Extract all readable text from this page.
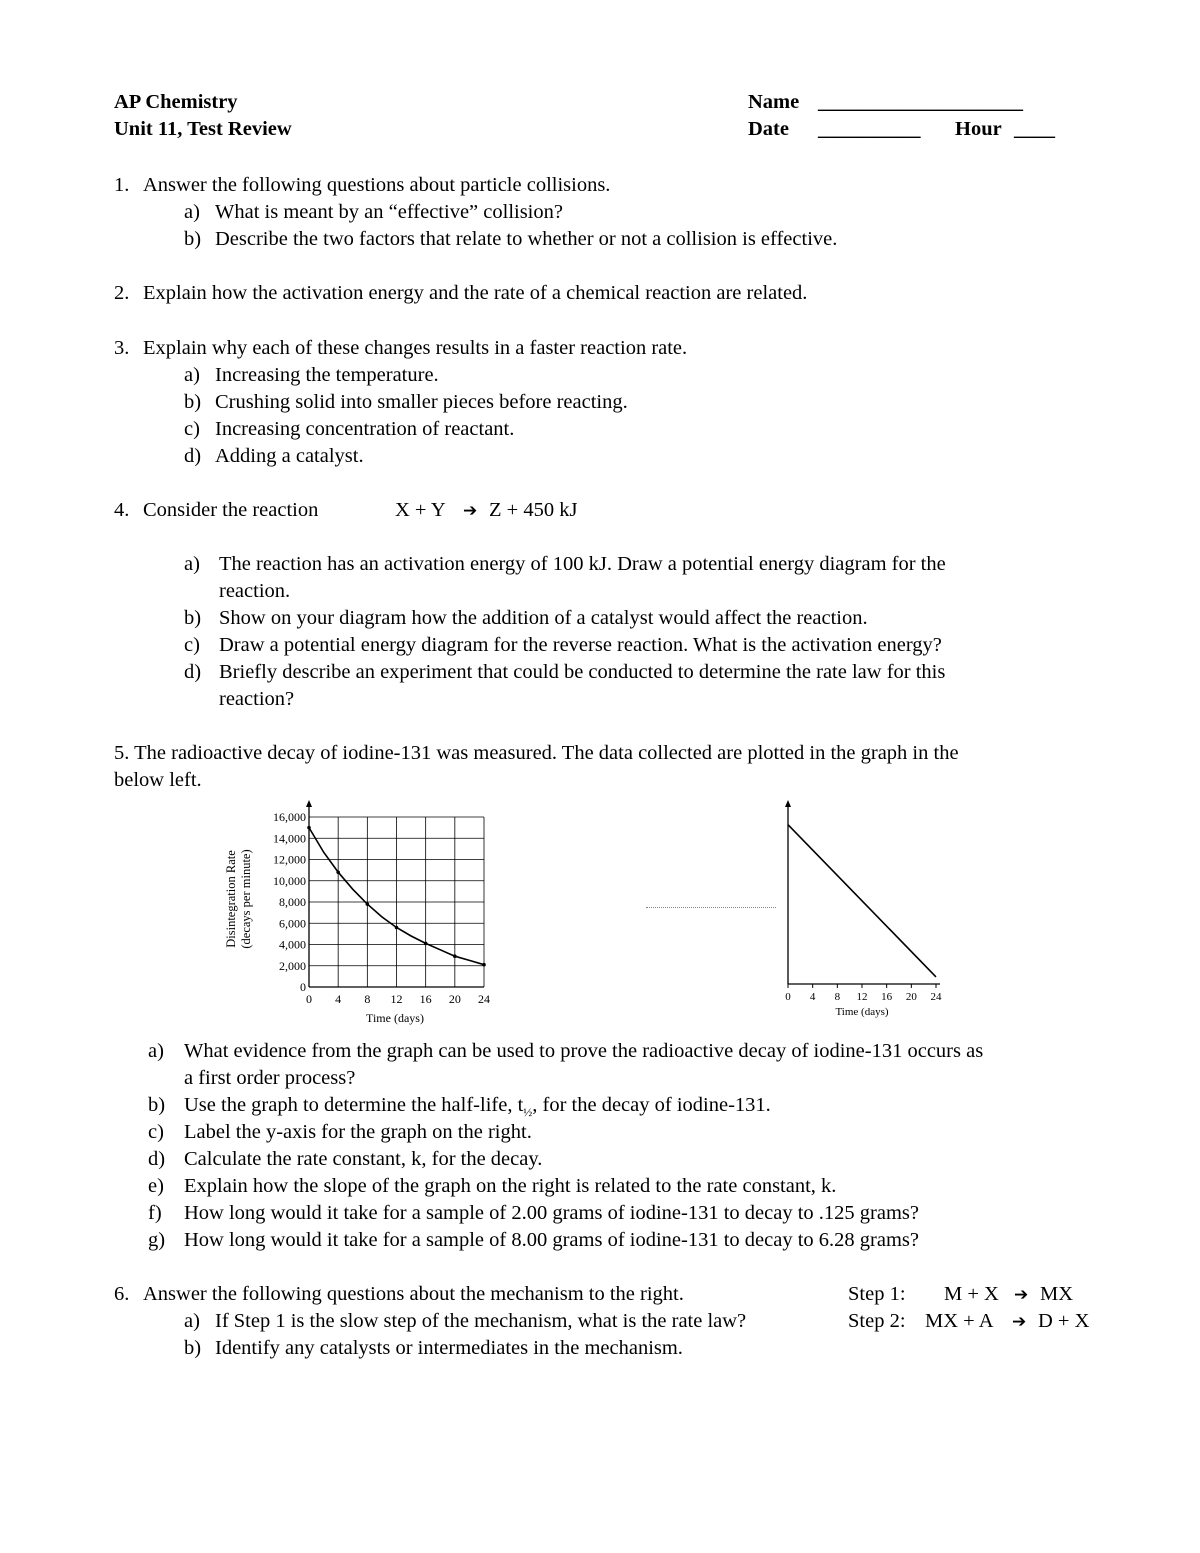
AP Chemistry
Unit 11, Test Review
Name ____________________
Date __________ Hour ____
1. Answer the following questions about particle collisions.
a) What is meant by an “effective” collision?
b) Describe the two factors that relate to whether or not a collision is effective.
2. Explain how the activation energy and the rate of a chemical reaction are related.
3. Explain why each of these changes results in a faster reaction rate.
a) Increasing the temperature.
b) Crushing solid into smaller pieces before reacting.
c) Increasing concentration of reactant.
d) Adding a catalyst.
4. Consider the reaction	X + Y ➔ Z + 450 kJ
a) The reaction has an activation energy of 100 kJ. Draw a potential energy diagram for the
reaction.
b) Show on your diagram how the addition of a catalyst would affect the reaction.
c) Draw a potential energy diagram for the reverse reaction. What is the activation energy?
d) Briefly describe an experiment that could be conducted to determine the rate law for this
reaction?
5. The radioactive decay of iodine-131 was measured. The data collected are plotted in the graph in the
below left.
0
2,000
4,000
6,000
8,000
10,000
12,000
14,000
16,000
0 4 8 12 16 20 24
Time (days)
Disintegration Rate (decays per minute)
0 4 8 12 16 20 24
Time (days)
a) What evidence from the graph can be used to prove the radioactive decay of iodine-131 occurs as
a first order process?
b) Use the graph to determine the half-life, $t_{\frac{1}{2}}$, for the decay of iodine-131.
c) Label the y-axis for the graph on the right.
d) Calculate the rate constant, k, for the decay.
e) Explain how the slope of the graph on the right is related to the rate constant, k.
f) How long would it take for a sample of 2.00 grams of iodine-131 to decay to .125 grams?
g) How long would it take for a sample of 8.00 grams of iodine-131 to decay to 6.28 grams?
6. Answer the following questions about the mechanism to the right.
a) If Step 1 is the slow step of the mechanism, what is the rate law?
b) Identify any catalysts or intermediates in the mechanism.
Step 1: M + X ➔ MX
Step 2: MX + A ➔ D + X
